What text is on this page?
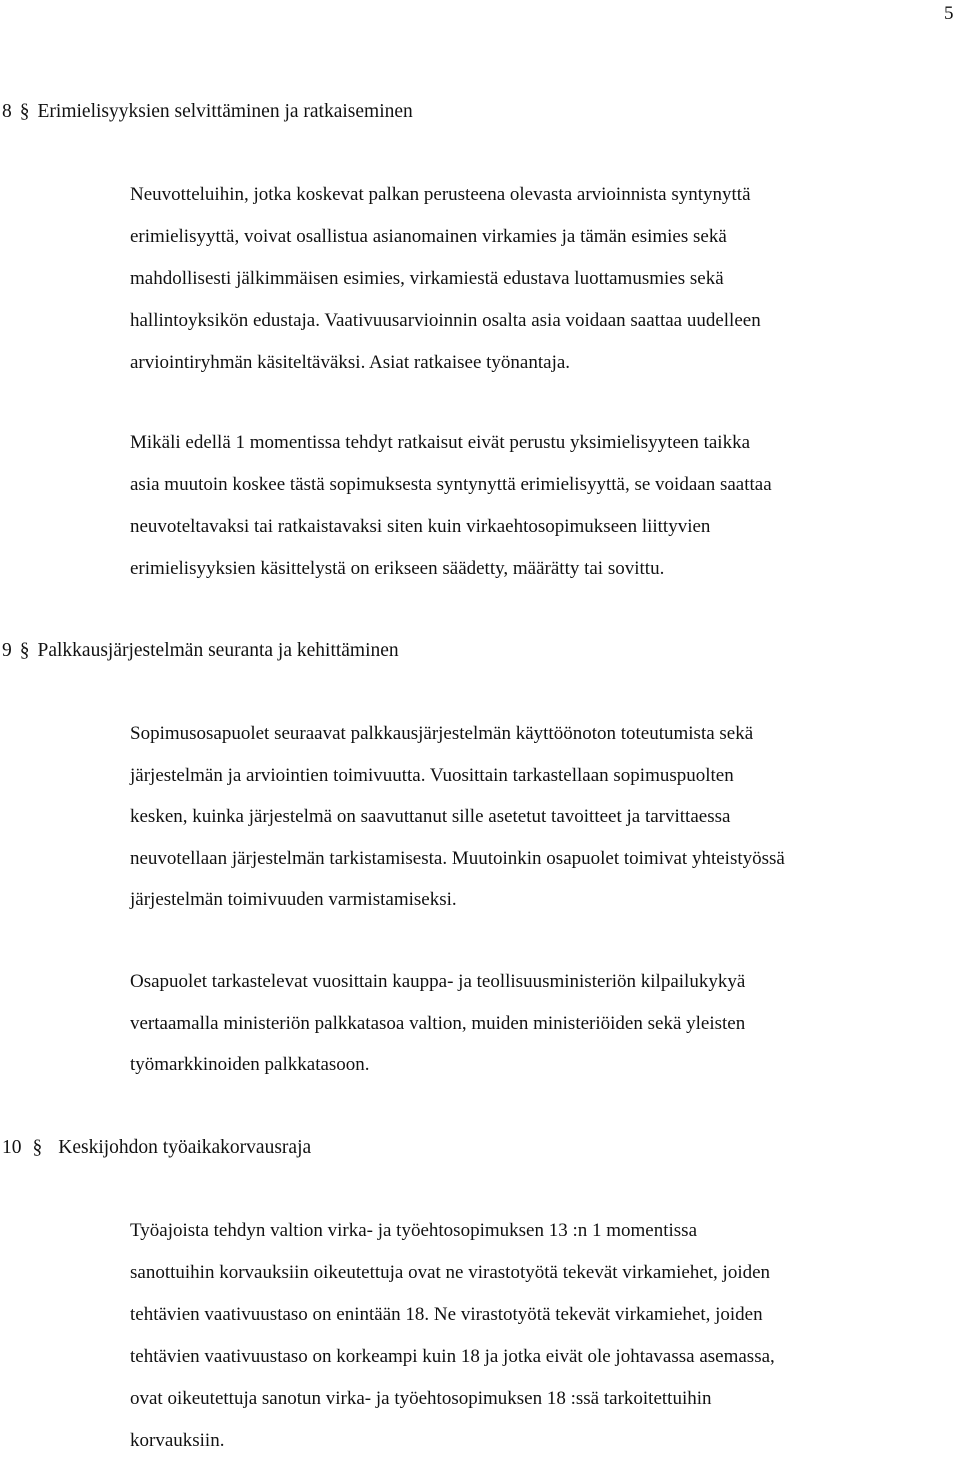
5
8 § Erimielisyyksien selvittäminen ja ratkaiseminen
Neuvotteluihin, jotka koskevat palkan perusteena olevasta arvioinnista syntynyttä
erimielisyyttä, voivat osallistua asianomainen virkamies ja tämän esimies sekä
mahdollisesti jälkimmäisen esimies, virkamiestä edustava luottamusmies sekä
hallintoyksikön edustaja. Vaativuusarvioinnin osalta asia voidaan saattaa uudelleen
arviointiryhmän käsiteltäväksi. Asiat ratkaisee työnantaja.
Mikäli edellä 1 momentissa tehdyt ratkaisut eivät perustu yksimielisyyteen taikka
asia muutoin koskee tästä sopimuksesta syntynyttä erimielisyyttä, se voidaan saattaa
neuvoteltavaksi tai ratkaistavaksi siten kuin virkaehtosopimukseen liittyvien
erimielisyyksien käsittelystä on erikseen säädetty, määrätty tai sovittu.
9 § Palkkausjärjestelmän seuranta ja kehittäminen
Sopimusosapuolet seuraavat palkkausjärjestelmän käyttöönoton toteutumista sekä
järjestelmän ja arviointien toimivuutta. Vuosittain tarkastellaan sopimuspuolten
kesken, kuinka järjestelmä on saavuttanut sille asetetut tavoitteet ja tarvittaessa
neuvotellaan järjestelmän tarkistamisesta. Muutoinkin osapuolet toimivat yhteistyössä
järjestelmän toimivuuden varmistamiseksi.
Osapuolet tarkastelevat vuosittain kauppa- ja teollisuusministeriön kilpailukykyä
vertaamalla ministeriön palkkatasoa valtion, muiden ministeriöiden sekä yleisten
työmarkkinoiden palkkatasoon.
10 § Keskijohdon työaikakorvausraja
Työajoista tehdyn valtion virka- ja työehtosopimuksen 13 :n 1 momentissa
sanottuihin korvauksiin oikeutettuja ovat ne virastotyötä tekevät virkamiehet, joiden
tehtävien vaativuustaso on enintään 18. Ne virastotyötä tekevät virkamiehet, joiden
tehtävien vaativuustaso on korkeampi kuin 18 ja jotka eivät ole johtavassa asemassa,
ovat oikeutettuja sanotun virka- ja työehtosopimuksen 18 :ssä tarkoitettuihin
korvauksiin.
